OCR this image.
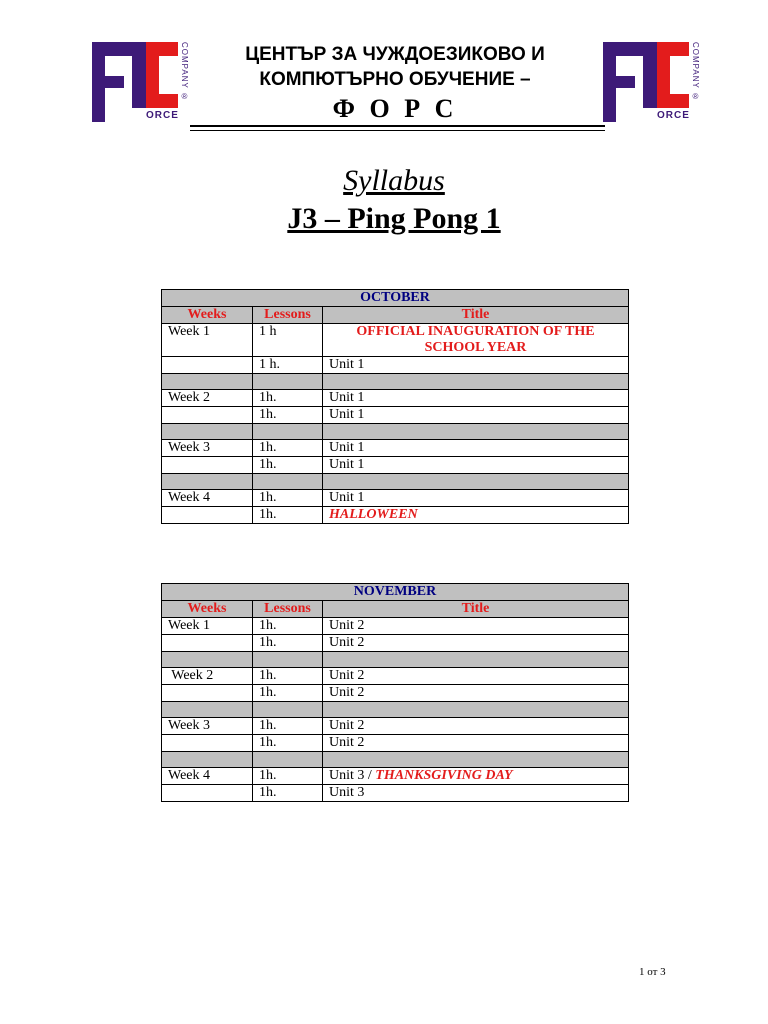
COMPANY ®
ORCE
COMPANY ®
ORCE
ЦЕНТЪР ЗА ЧУЖДОЕЗИКОВО И
КОМПЮТЪРНО ОБУЧЕНИЕ –
Ф О Р С
Syllabus
J3 – Ping Pong 1
OCTOBER		
Weeks	Lessons	Title
Week 1	1 h	OFFICIAL INAUGURATION OF THE SCHOOL YEAR
	1 h.	Unit 1

Week 2	1h.	Unit 1
	1h.	Unit 1

Week 3	1h.	Unit 1
	1h.	Unit 1

Week 4	1h.	Unit 1
	1h.	HALLOWEEN
NOVEMBER		
Weeks	Lessons	Title
Week 1	1h.	Unit 2
	1h.	Unit 2

Week 2	1h.	Unit 2
	1h.	Unit 2

Week 3	1h.	Unit 2
	1h.	Unit 2

Week 4	1h.	Unit 3 / THANKSGIVING DAY
	1h.	Unit 3
1 от 3
